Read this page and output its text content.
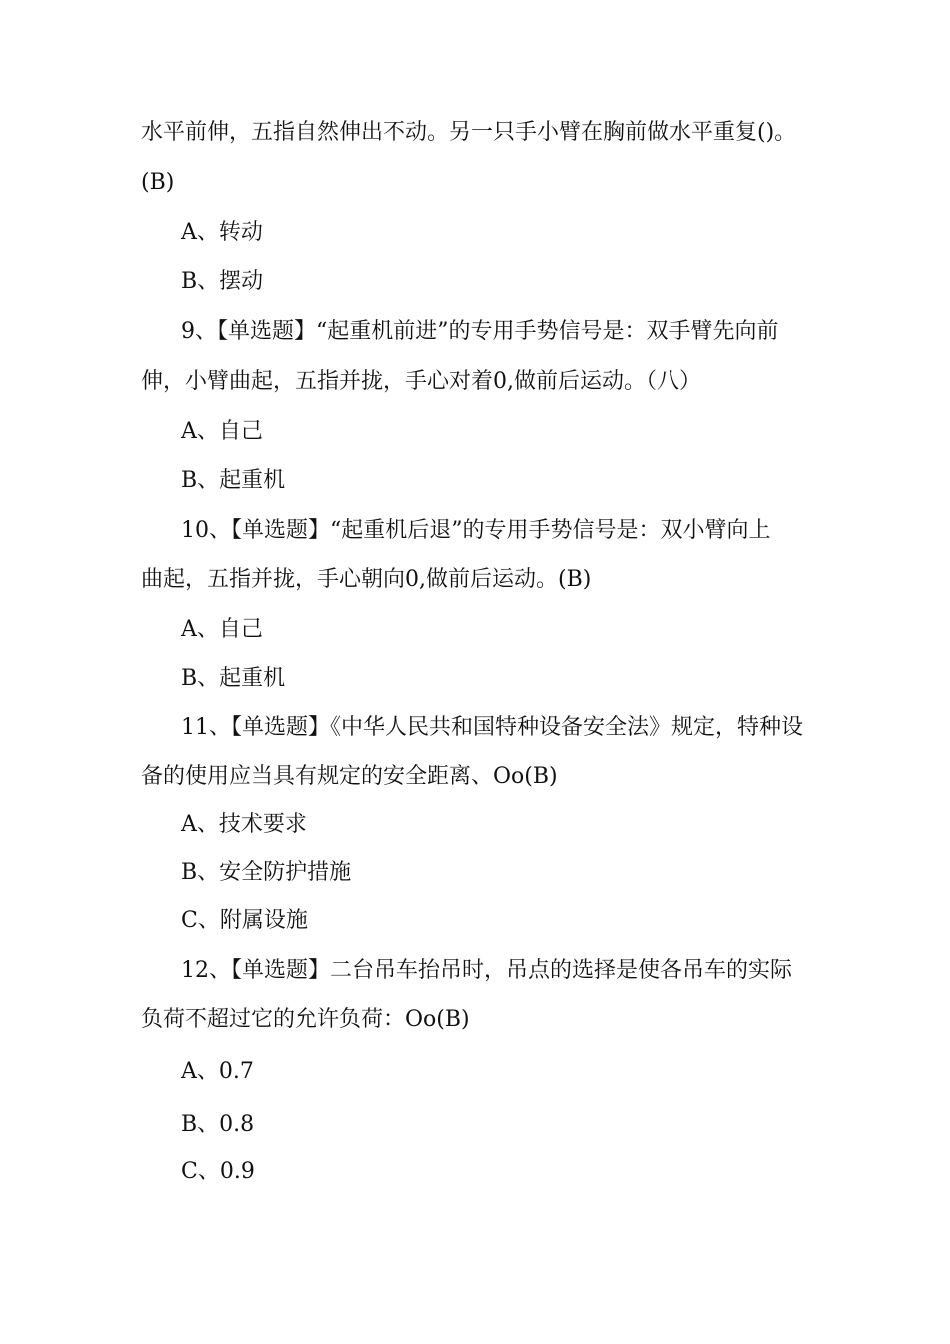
水平前伸，五指自然伸出不动。另一只手小臂在胸前做水平重复()。
(B)
A、转动
B、摆动
9、【单选题】“起重机前进”的专用手势信号是：双手臂先向前
伸，小臂曲起，五指并拢，手心对着0,做前后运动。（八）
A、自己
B、起重机
10、【单选题】“起重机后退”的专用手势信号是：双小臂向上
曲起，五指并拢，手心朝向0,做前后运动。(B)
A、自己
B、起重机
11、【单选题】《中华人民共和国特种设备安全法》规定，特种设
备的使用应当具有规定的安全距离、Oo(B)
A、技术要求
B、安全防护措施
C、附属设施
12、【单选题】二台吊车抬吊时，吊点的选择是使各吊车的实际
负荷不超过它的允许负荷：Oo(B)
A、0.7
B、0.8
C、0.9
